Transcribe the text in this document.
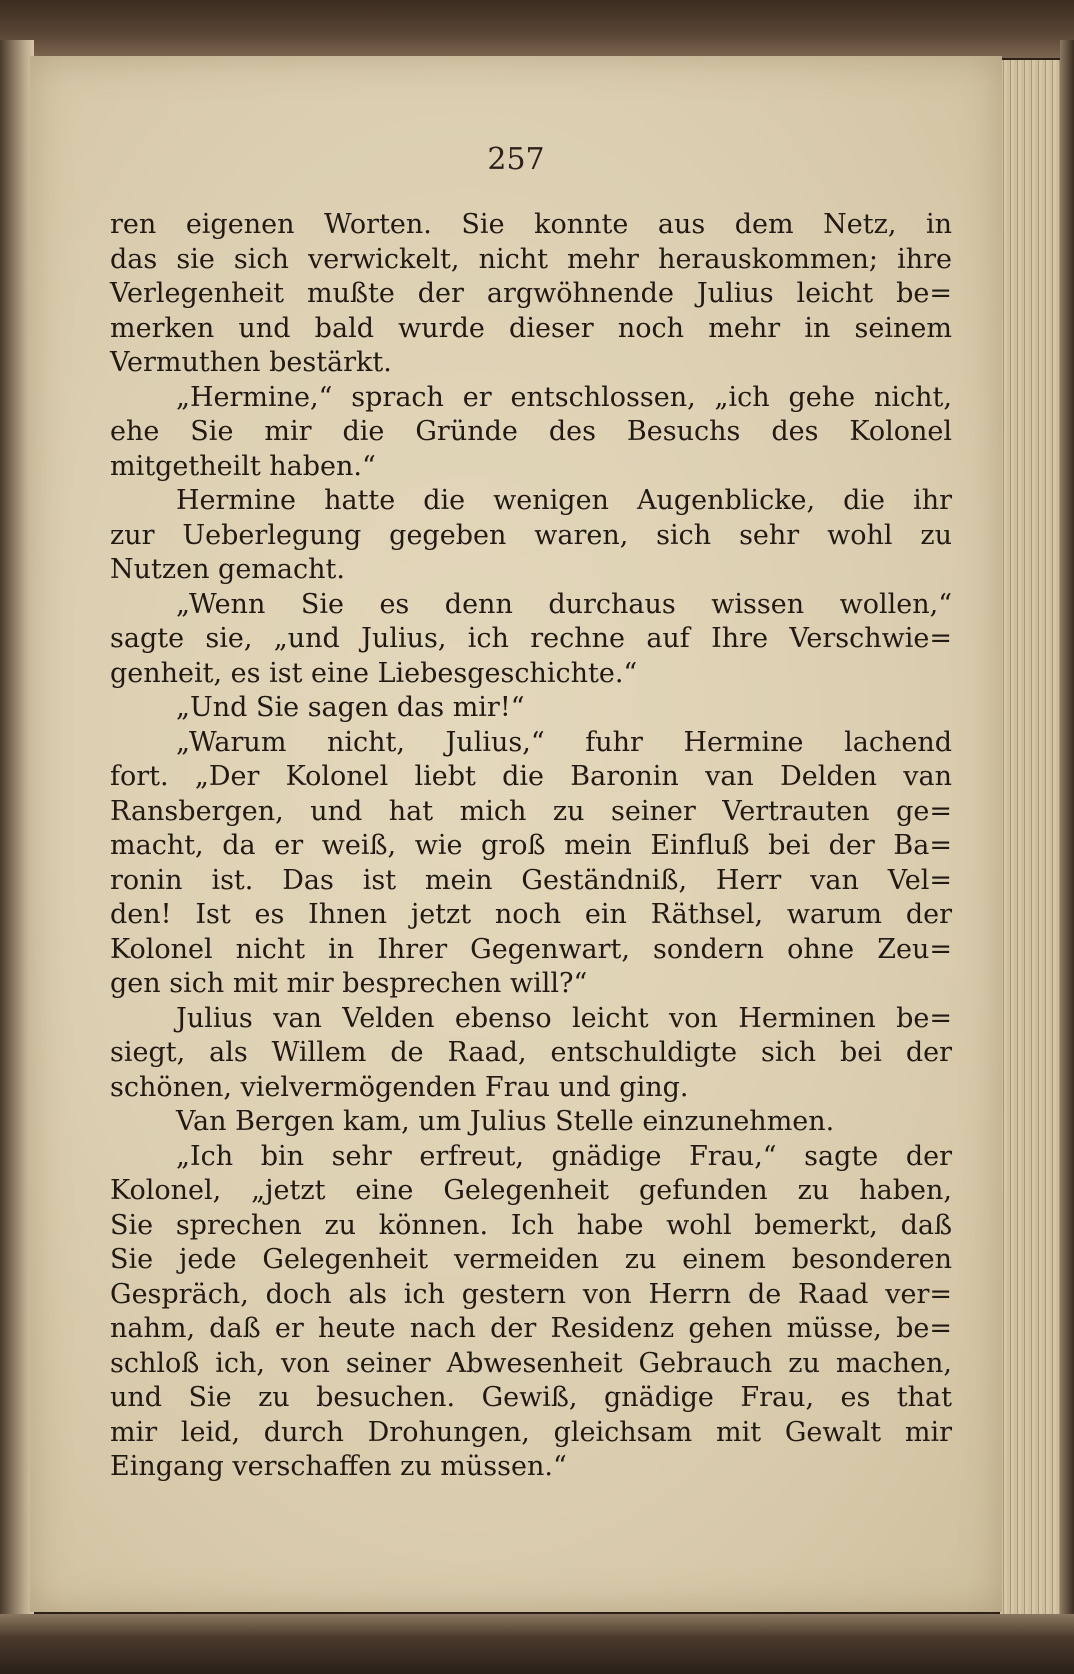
257
ren eigenen Worten. Sie konnte aus dem Netz, in
das sie sich verwickelt, nicht mehr herauskommen; ihre
Verlegenheit mußte der argwöhnende Julius leicht be=
merken und bald wurde dieser noch mehr in seinem
Vermuthen bestärkt.
„Hermine,“ sprach er entschlossen, „ich gehe nicht,
ehe Sie mir die Gründe des Besuchs des Kolonel
mitgetheilt haben.“
Hermine hatte die wenigen Augenblicke, die ihr
zur Ueberlegung gegeben waren, sich sehr wohl zu
Nutzen gemacht.
„Wenn Sie es denn durchaus wissen wollen,“
sagte sie, „und Julius, ich rechne auf Ihre Verschwie=
genheit, es ist eine Liebesgeschichte.“
„Und Sie sagen das mir!“
„Warum nicht, Julius,“ fuhr Hermine lachend
fort. „Der Kolonel liebt die Baronin van Delden van
Ransbergen, und hat mich zu seiner Vertrauten ge=
macht, da er weiß, wie groß mein Einfluß bei der Ba=
ronin ist. Das ist mein Geständniß, Herr van Vel=
den! Ist es Ihnen jetzt noch ein Räthsel, warum der
Kolonel nicht in Ihrer Gegenwart, sondern ohne Zeu=
gen sich mit mir besprechen will?“
Julius van Velden ebenso leicht von Herminen be=
siegt, als Willem de Raad, entschuldigte sich bei der
schönen, vielvermögenden Frau und ging.
Van Bergen kam, um Julius Stelle einzunehmen.
„Ich bin sehr erfreut, gnädige Frau,“ sagte der
Kolonel, „jetzt eine Gelegenheit gefunden zu haben,
Sie sprechen zu können. Ich habe wohl bemerkt, daß
Sie jede Gelegenheit vermeiden zu einem besonderen
Gespräch, doch als ich gestern von Herrn de Raad ver=
nahm, daß er heute nach der Residenz gehen müsse, be=
schloß ich, von seiner Abwesenheit Gebrauch zu machen,
und Sie zu besuchen. Gewiß, gnädige Frau, es that
mir leid, durch Drohungen, gleichsam mit Gewalt mir
Eingang verschaffen zu müssen.“
